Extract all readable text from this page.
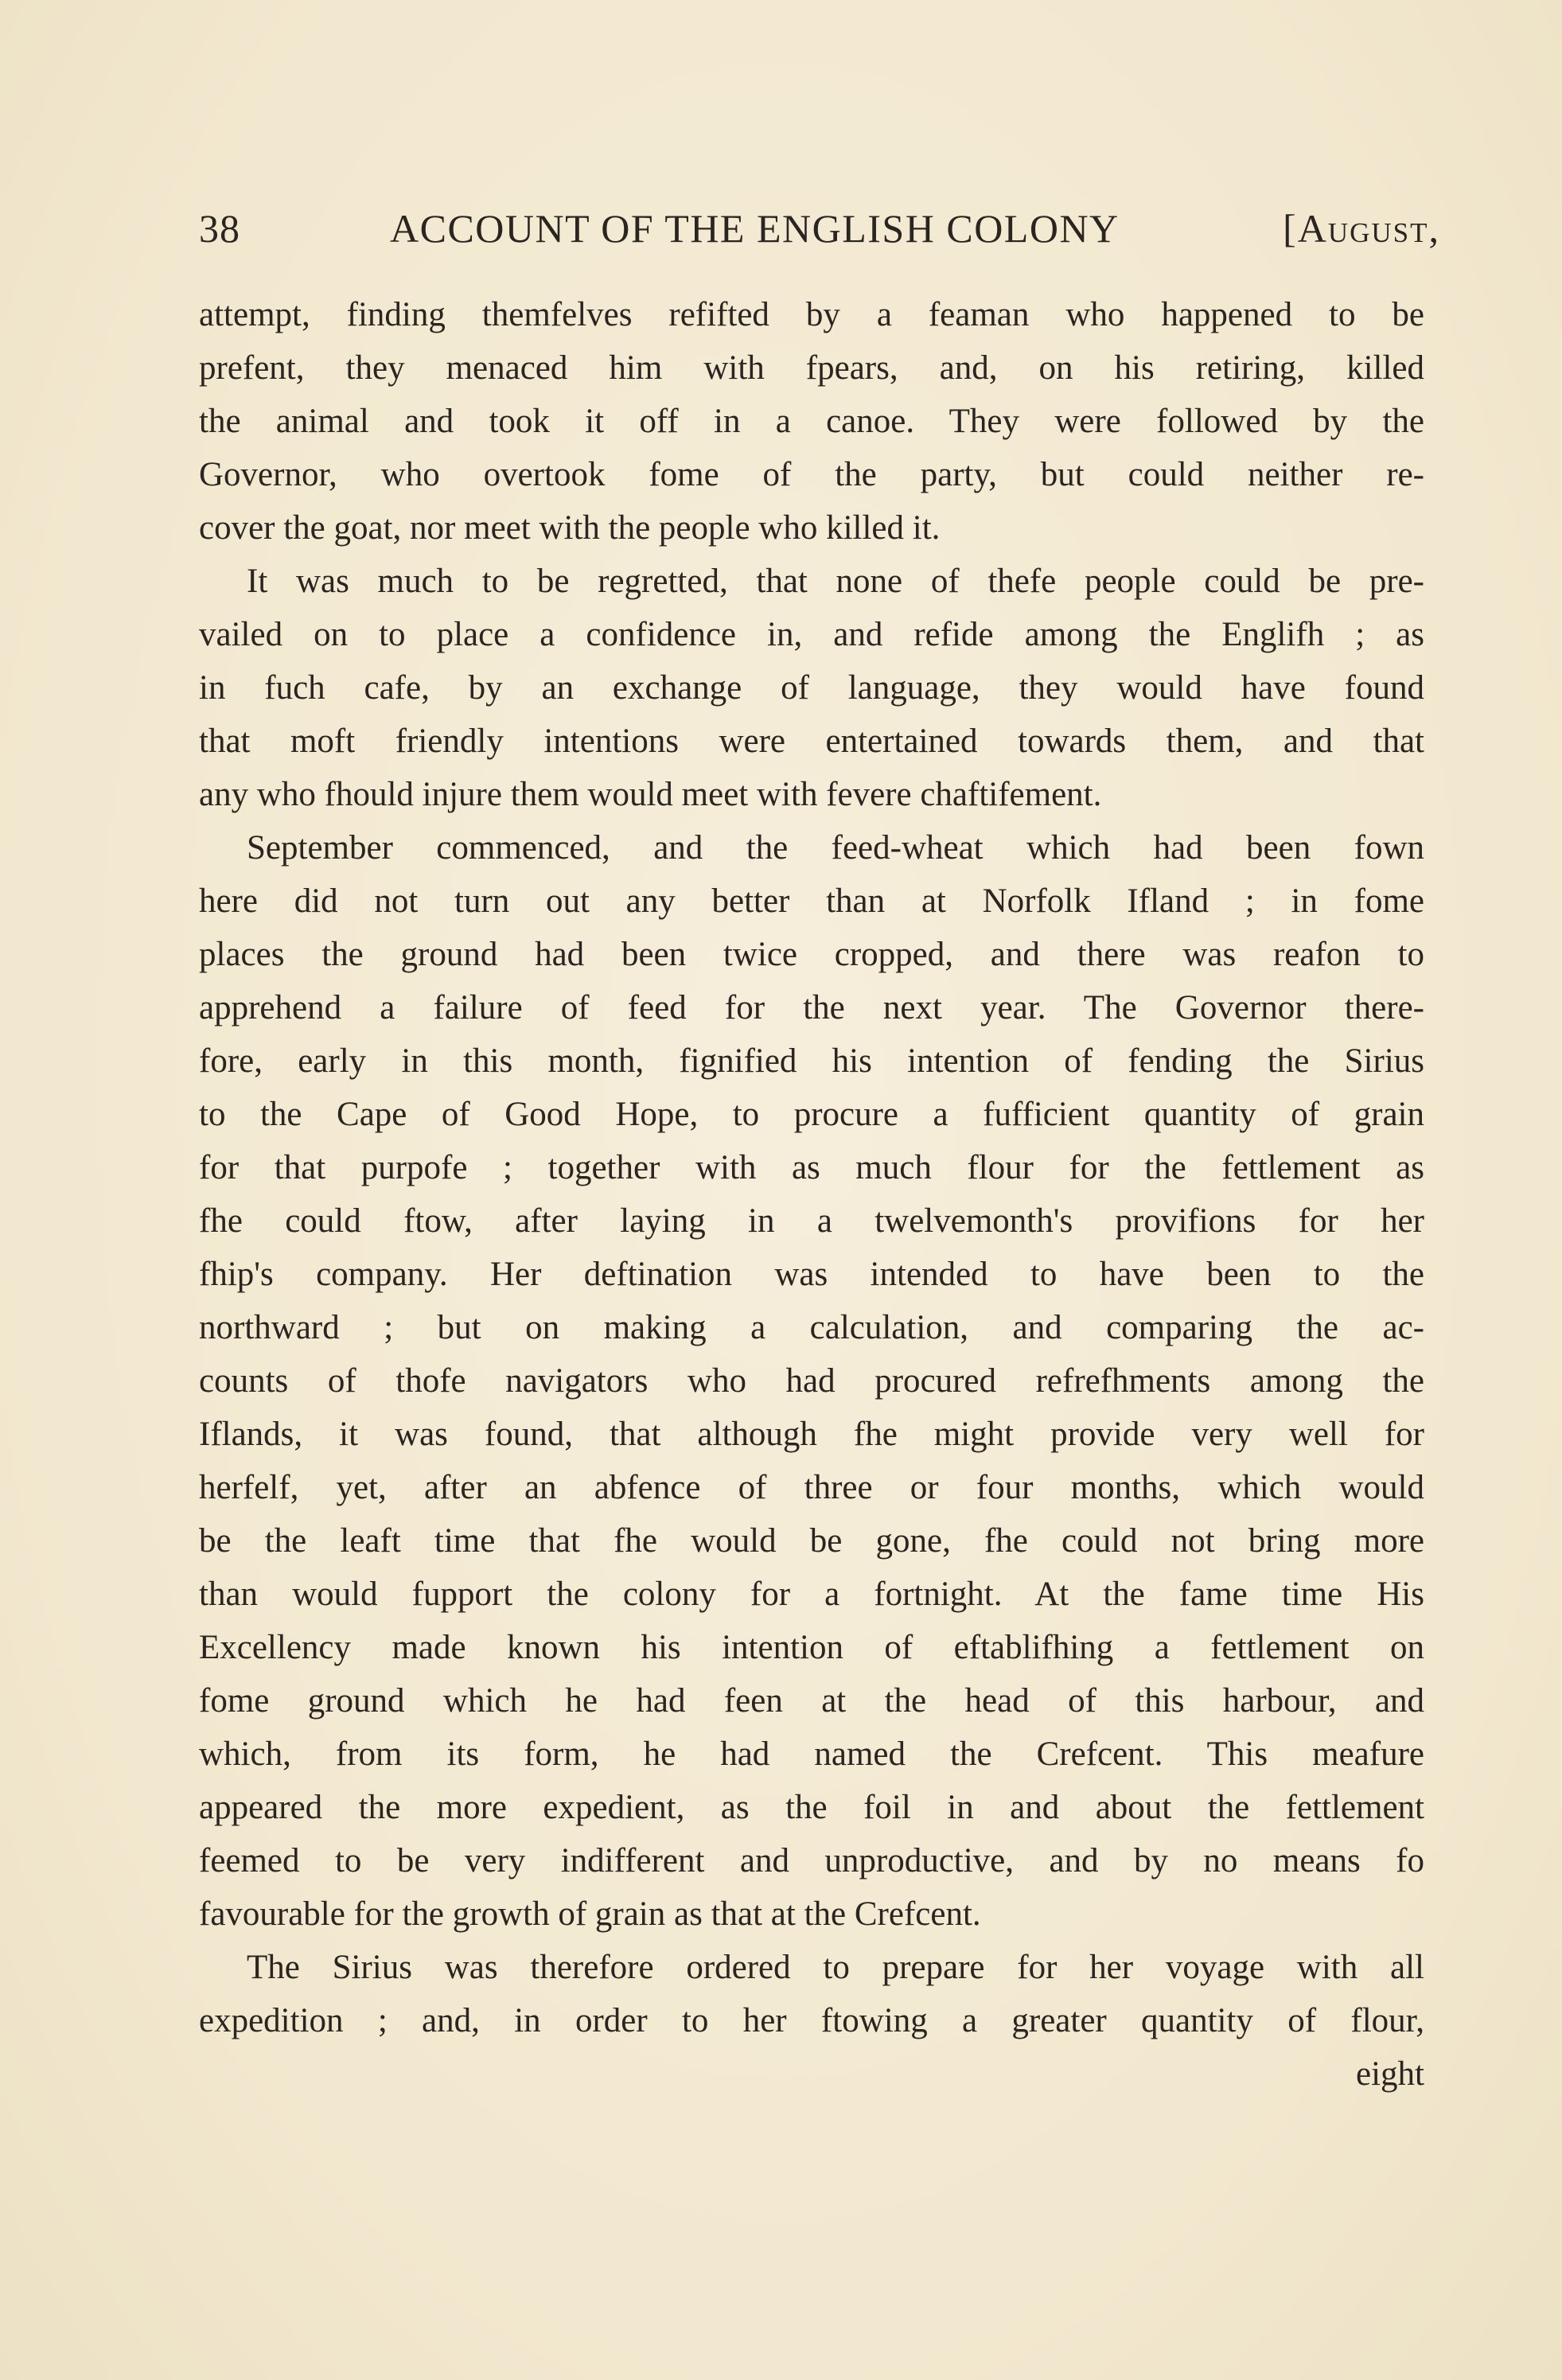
38	ACCOUNT OF THE ENGLISH COLONY	[August,
attempt, finding themfelves refifted by a feaman who happened to be
prefent, they menaced him with fpears, and, on his retiring, killed
the animal and took it off in a canoe. They were followed by the
Governor, who overtook fome of the party, but could neither re-
cover the goat, nor meet with the people who killed it.
It was much to be regretted, that none of thefe people could be pre-
vailed on to place a confidence in, and refide among the Englifh ; as
in fuch cafe, by an exchange of language, they would have found
that moft friendly intentions were entertained towards them, and that
any who fhould injure them would meet with fevere chaftifement.
September commenced, and the feed-wheat which had been fown
here did not turn out any better than at Norfolk Ifland ; in fome
places the ground had been twice cropped, and there was reafon to
apprehend a failure of feed for the next year. The Governor there-
fore, early in this month, fignified his intention of fending the Sirius
to the Cape of Good Hope, to procure a fufficient quantity of grain
for that purpofe ; together with as much flour for the fettlement as
fhe could ftow, after laying in a twelvemonth's provifions for her
fhip's company. Her deftination was intended to have been to the
northward ; but on making a calculation, and comparing the ac-
counts of thofe navigators who had procured refrefhments among the
Iflands, it was found, that although fhe might provide very well for
herfelf, yet, after an abfence of three or four months, which would
be the leaft time that fhe would be gone, fhe could not bring more
than would fupport the colony for a fortnight. At the fame time His
Excellency made known his intention of eftablifhing a fettlement on
fome ground which he had feen at the head of this harbour, and
which, from its form, he had named the Crefcent. This meafure
appeared the more expedient, as the foil in and about the fettlement
feemed to be very indifferent and unproductive, and by no means fo
favourable for the growth of grain as that at the Crefcent.
The Sirius was therefore ordered to prepare for her voyage with all
expedition ; and, in order to her ftowing a greater quantity of flour,
eight
